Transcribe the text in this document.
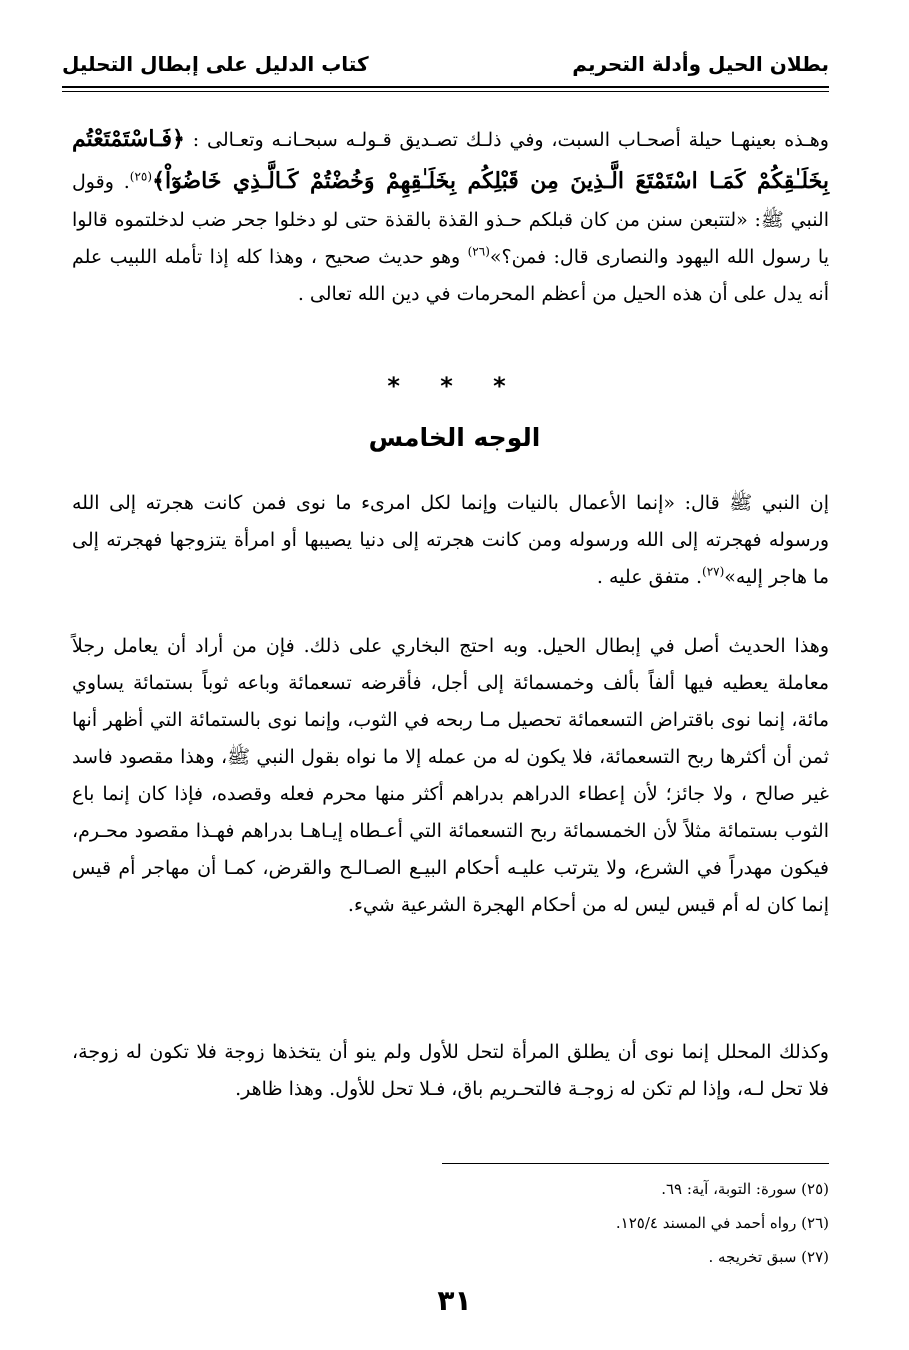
بطلان الحيل وأدلة التحريم
كتاب الدليل على إبطال التحليل

وهـذه بعينهـا حيلة أصحـاب السبت، وفي ذلـك تصـديق قـولـه سبحـانـه وتعـالى : ﴿فَـاسْتَمْتَعْتُم بِخَلَـٰقِكُمْ كَمَـا اسْتَمْتَعَ الَّـذِينَ مِن قَبْلِكُم بِخَلَـٰقِهِمْ وَخُضْتُمْ كَـالَّـذِي خَاضُوٓاْ﴾$^{(٢٥)}$. وقول النبي ﷺ: «لتتبعن سنن من كان قبلكم حـذو القذة بالقذة حتى لو دخلوا جحر ضب لدخلتموه قالوا يا رسول الله اليهود والنصارى قال: فمن؟»$^{(٢٦)}$ وهو حديث صحيح ، وهذا كله إذا تأمله اللبيب علم أنه يدل على أن هذه الحيل من أعظم المحرمات في دين الله تعالى .

* * *
الوجه الخامس

إن النبي ﷺ قال: «إنما الأعمال بالنيات وإنما لكل امرىء ما نوى فمن كانت هجرته إلى الله ورسوله فهجرته إلى الله ورسوله ومن كانت هجرته إلى دنيا يصيبها أو امرأة يتزوجها فهجرته إلى ما هاجر إليه»$^{(٢٧)}$. متفق عليه .

وهذا الحديث أصل في إبطال الحيل. وبه احتج البخاري على ذلك. فإن من أراد أن يعامل رجلاً معاملة يعطيه فيها ألفاً بألف وخمسمائة إلى أجل، فأقرضه تسعمائة وباعه ثوباً بستمائة يساوي مائة، إنما نوى باقتراض التسعمائة تحصيل مـا ربحه في الثوب، وإنما نوى بالستمائة التي أظهر أنها ثمن أن أكثرها ربح التسعمائة، فلا يكون له من عمله إلا ما نواه بقول النبي ﷺ، وهذا مقصود فاسد غير صالح ، ولا جائز؛ لأن إعطاء الدراهم بدراهم أكثر منها محرم فعله وقصده، فإذا كان إنما باع الثوب بستمائة مثلاً لأن الخمسمائة ربح التسعمائة التي أعـطاه إيـاهـا بدراهم فهـذا مقصود محـرم، فيكون مهدراً في الشرع، ولا يترتب عليـه أحكام البيـع الصـالـح والقرض، كمـا أن مهاجر أم قيس إنما كان له أم قيس ليس له من أحكام الهجرة الشرعية شيء.

وكذلك المحلل إنما نوى أن يطلق المرأة لتحل للأول ولم ينو أن يتخذها زوجة فلا تكون له زوجة، فلا تحل لـه، وإذا لم تكن له زوجـة فالتحـريم باق، فـلا تحل للأول. وهذا ظاهر.

(٢٥) سورة: التوبة، آية: ٦٩.
(٢٦) رواه أحمد في المسند ١٢٥/٤.
(٢٧) سبق تخريجه .
٣١
